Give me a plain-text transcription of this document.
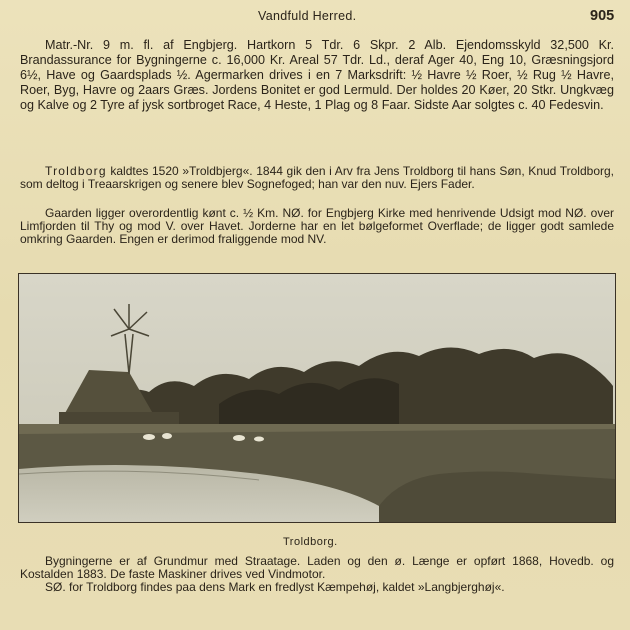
Vandfuld Herred.	905

Matr.-Nr. 9 m. fl. af Engbjerg. Hartkorn 5 Tdr. 6 Skpr. 2 Alb. Ejendomsskyld 32,500 Kr. Brandassurance for Bygningerne c. 16,000 Kr. Areal 57 Tdr. Ld., deraf Ager 40, Eng 10, Græsningsjord 6½, Have og Gaardsplads ½. Agermarken drives i en 7 Marksdrift: ½ Havre ½ Roer, ½ Rug ½ Havre, Roer, Byg, Havre og 2aars Græs. Jordens Bonitet er god Lermuld. Der holdes 20 Køer, 20 Stkr. Ungkvæg og Kalve og 2 Tyre af jysk sortbroget Race, 4 Heste, 1 Plag og 8 Faar. Sidste Aar solgtes c. 40 Fedesvin.

Troldborg kaldtes 1520 »Troldbjerg«. 1844 gik den i Arv fra Jens Troldborg til hans Søn, Knud Troldborg, som deltog i Treaarskrigen og senere blev Sognefoged; han var den nuv. Ejers Fader.

Gaarden ligger overordentlig kønt c. ½ Km. NØ. for Engbjerg Kirke med henrivende Udsigt mod NØ. over Limfjorden til Thy og mod V. over Havet. Jorderne har en let bølgeformet Overflade; de ligger godt samlede omkring Gaarden. Engen er derimod fraliggende mod NV.

Troldborg.

Bygningerne er af Grundmur med Straatage. Laden og den ø. Længe er opført 1868, Hovedb. og Kostalden 1883. De faste Maskiner drives ved Vindmotor.

SØ. for Troldborg findes paa dens Mark en fredlyst Kæmpehøj, kaldet »Langbjerghøj«.
